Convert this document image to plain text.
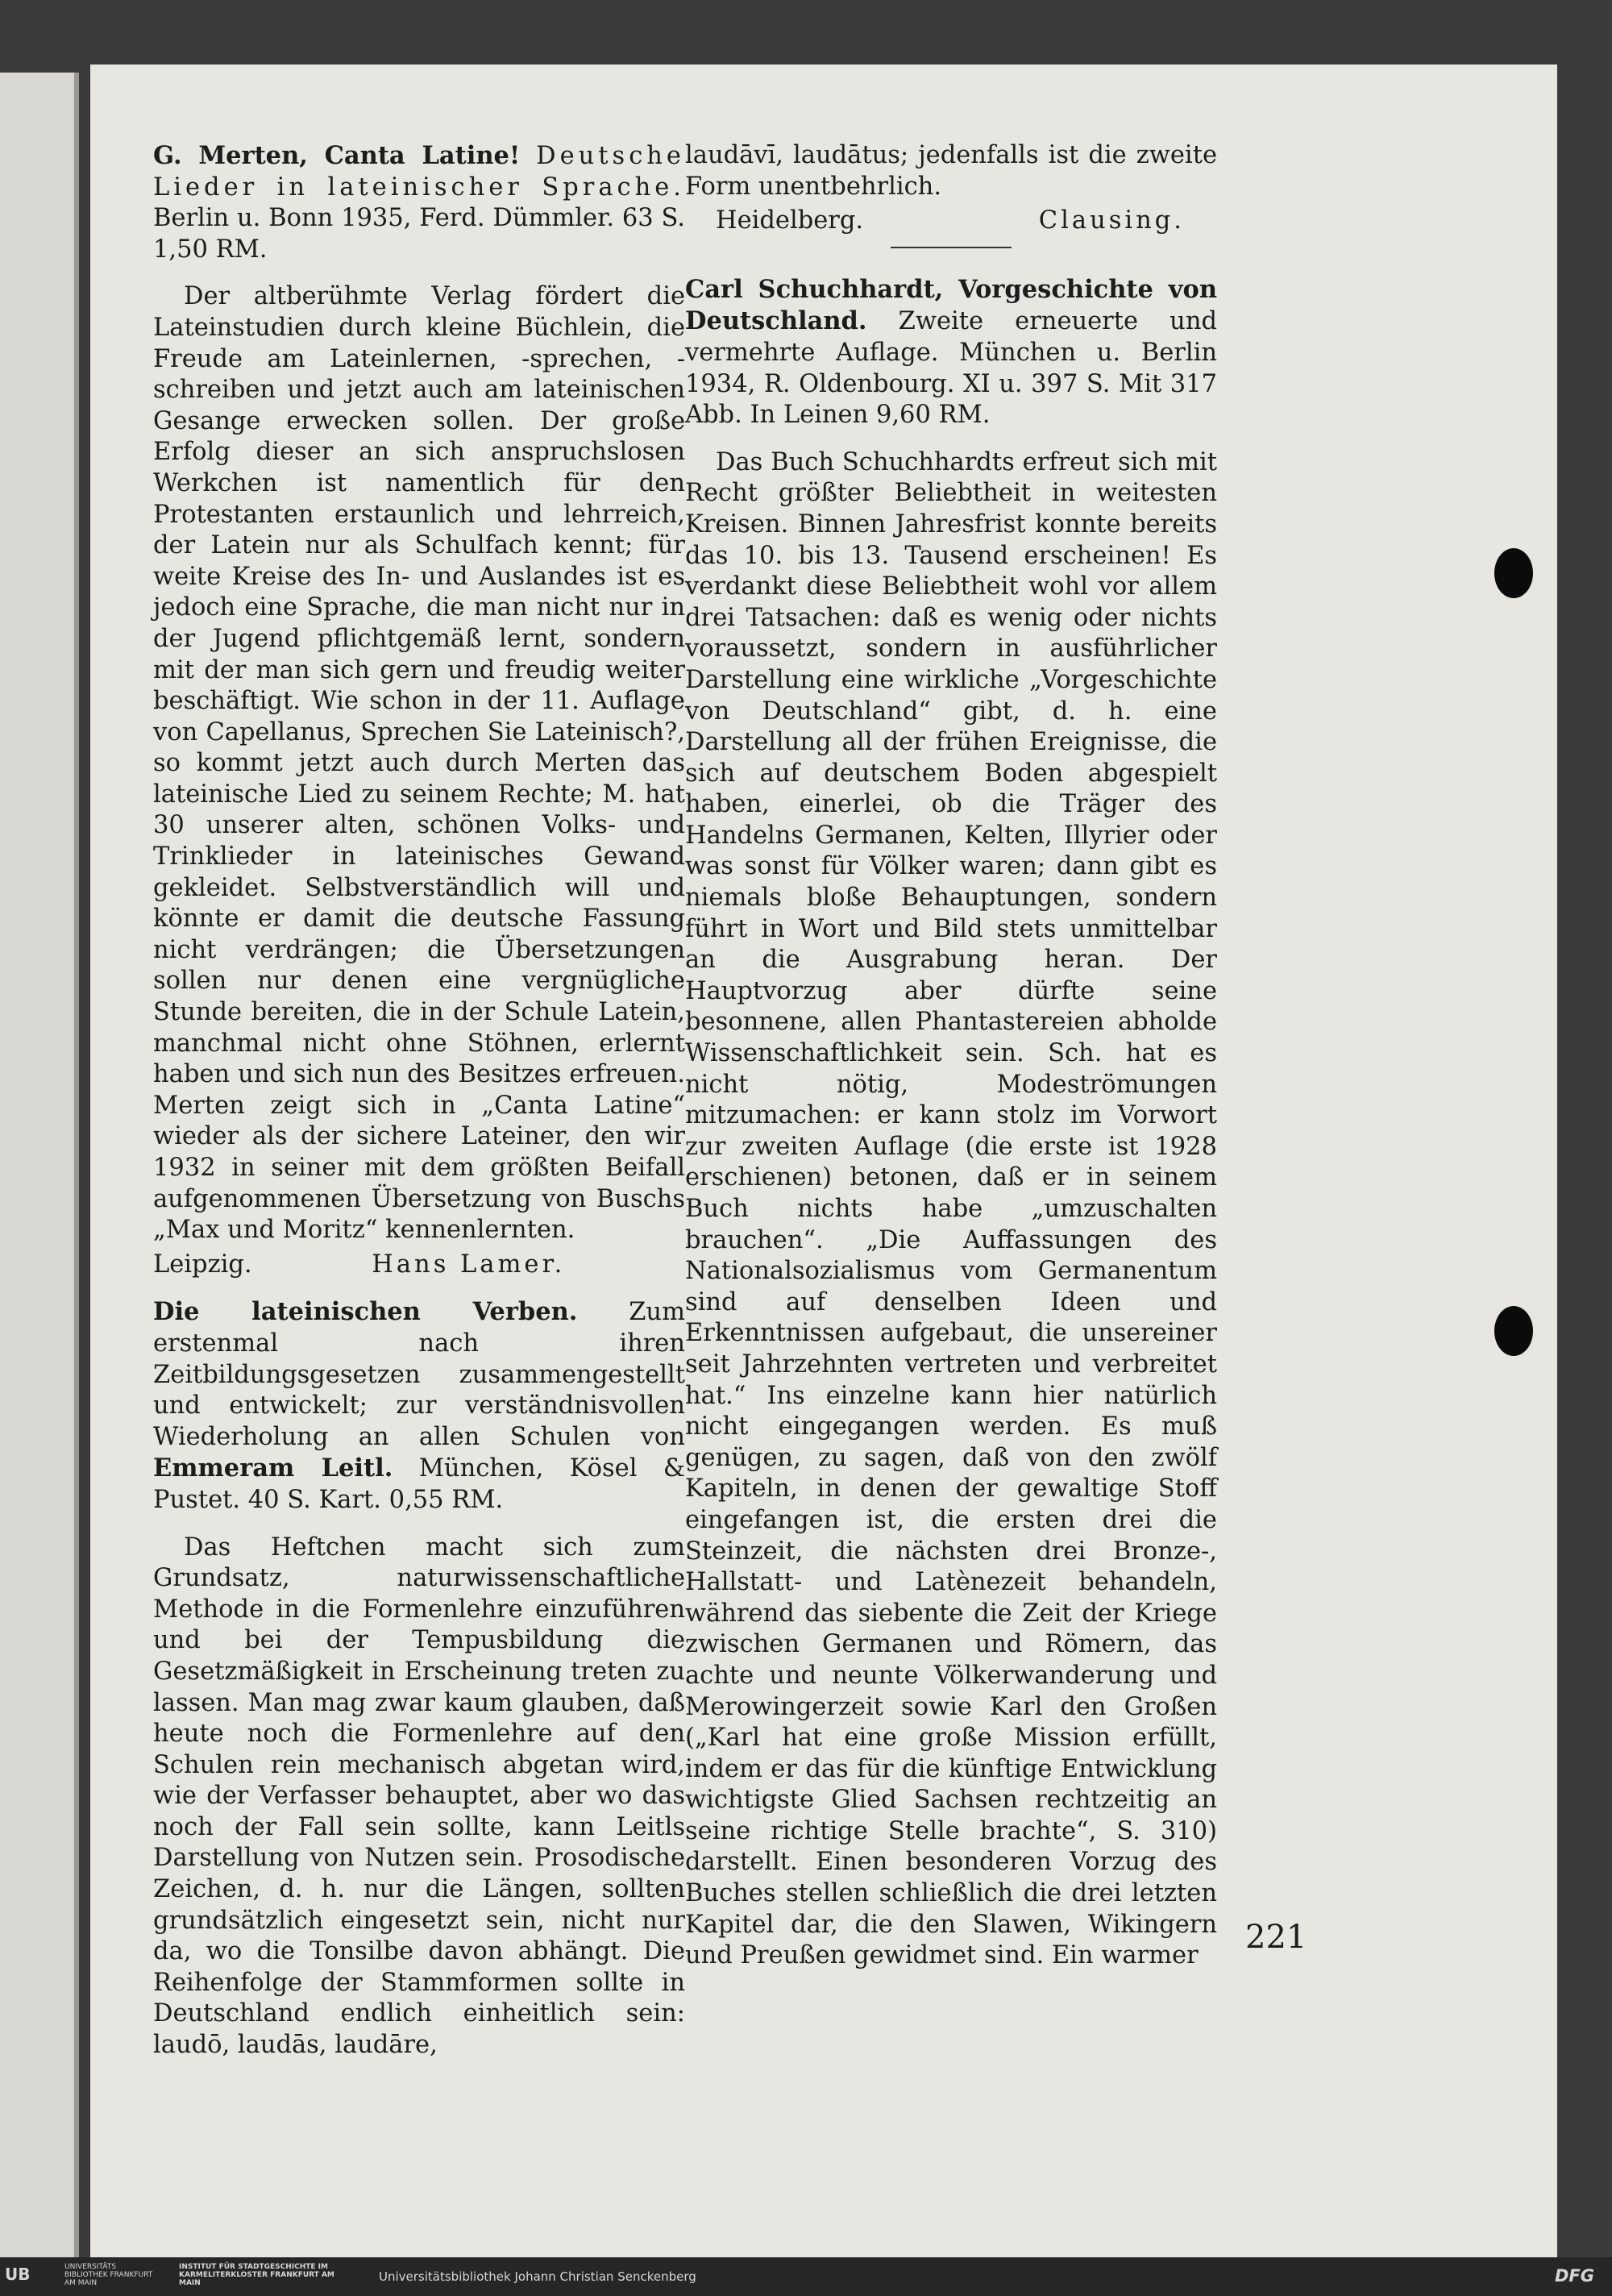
G. Merten, Canta Latine! Deutsche Lieder in lateinischer Sprache. Berlin u. Bonn 1935, Ferd. Dümmler. 63 S. 1,50 RM.

Der altberühmte Verlag fördert die Lateinstudien durch kleine Büchlein, die Freude am Lateinlernen, -sprechen, -schreiben und jetzt auch am lateinischen Gesange erwecken sollen. Der große Erfolg dieser an sich anspruchslosen Werkchen ist namentlich für den Protestanten erstaunlich und lehrreich, der Latein nur als Schulfach kennt; für weite Kreise des In- und Auslandes ist es jedoch eine Sprache, die man nicht nur in der Jugend pflichtgemäß lernt, sondern mit der man sich gern und freudig weiter beschäftigt. Wie schon in der 11. Auflage von Capellanus, Sprechen Sie Lateinisch?, so kommt jetzt auch durch Merten das lateinische Lied zu seinem Rechte; M. hat 30 unserer alten, schönen Volks- und Trinklieder in lateinisches Gewand gekleidet. Selbstverständlich will und könnte er damit die deutsche Fassung nicht verdrängen; die Übersetzungen sollen nur denen eine vergnügliche Stunde bereiten, die in der Schule Latein, manchmal nicht ohne Stöhnen, erlernt haben und sich nun des Besitzes erfreuen. Merten zeigt sich in „Canta Latine“ wieder als der sichere Lateiner, den wir 1932 in seiner mit dem größten Beifall aufgenommenen Übersetzung von Buschs „Max und Moritz“ kennenlernten.

Leipzig.	Hans Lamer.

Die lateinischen Verben. Zum erstenmal nach ihren Zeitbildungsgesetzen zusammengestellt und entwickelt; zur verständnisvollen Wiederholung an allen Schulen von Emmeram Leitl. München, Kösel & Pustet. 40 S. Kart. 0,55 RM.

Das Heftchen macht sich zum Grundsatz, naturwissenschaftliche Methode in die Formenlehre einzuführen und bei der Tempusbildung die Gesetzmäßigkeit in Erscheinung treten zu lassen. Man mag zwar kaum glauben, daß heute noch die Formenlehre auf den Schulen rein mechanisch abgetan wird, wie der Verfasser behauptet, aber wo das noch der Fall sein sollte, kann Leitls Darstellung von Nutzen sein. Prosodische Zeichen, d. h. nur die Längen, sollten grundsätzlich eingesetzt sein, nicht nur da, wo die Tonsilbe davon abhängt. Die Reihenfolge der Stammformen sollte in Deutschland endlich einheitlich sein: laudō, laudās, laudāre,

laudāvī, laudātus; jedenfalls ist die zweite Form unentbehrlich.

Heidelberg.	Clausing.

Carl Schuchhardt, Vorgeschichte von Deutschland. Zweite erneuerte und vermehrte Auflage. München u. Berlin 1934, R. Oldenbourg. XI u. 397 S. Mit 317 Abb. In Leinen 9,60 RM.

Das Buch Schuchhardts erfreut sich mit Recht größter Beliebtheit in weitesten Kreisen. Binnen Jahresfrist konnte bereits das 10. bis 13. Tausend erscheinen! Es verdankt diese Beliebtheit wohl vor allem drei Tatsachen: daß es wenig oder nichts voraussetzt, sondern in ausführlicher Darstellung eine wirkliche „Vorgeschichte von Deutschland“ gibt, d. h. eine Darstellung all der frühen Ereignisse, die sich auf deutschem Boden abgespielt haben, einerlei, ob die Träger des Handelns Germanen, Kelten, Illyrier oder was sonst für Völker waren; dann gibt es niemals bloße Behauptungen, sondern führt in Wort und Bild stets unmittelbar an die Ausgrabung heran. Der Hauptvorzug aber dürfte seine besonnene, allen Phantastereien abholde Wissenschaftlichkeit sein. Sch. hat es nicht nötig, Modeströmungen mitzumachen: er kann stolz im Vorwort zur zweiten Auflage (die erste ist 1928 erschienen) betonen, daß er in seinem Buch nichts habe „umzuschalten brauchen“. „Die Auffassungen des Nationalsozialismus vom Germanentum sind auf denselben Ideen und Erkenntnissen aufgebaut, die unsereiner seit Jahrzehnten vertreten und verbreitet hat.“ Ins einzelne kann hier natürlich nicht eingegangen werden. Es muß genügen, zu sagen, daß von den zwölf Kapiteln, in denen der gewaltige Stoff eingefangen ist, die ersten drei die Steinzeit, die nächsten drei Bronze-, Hallstatt- und Latènezeit behandeln, während das siebente die Zeit der Kriege zwischen Germanen und Römern, das achte und neunte Völkerwanderung und Merowingerzeit sowie Karl den Großen („Karl hat eine große Mission erfüllt, indem er das für die künftige Entwicklung wichtigste Glied Sachsen rechtzeitig an seine richtige Stelle brachte“, S. 310) darstellt. Einen besonderen Vorzug des Buches stellen schließlich die drei letzten Kapitel dar, die den Slawen, Wikingern und Preußen gewidmet sind. Ein warmer	221
UB	UNIVERSITÄTS BIBLIOTHEK FRANKFURT AM MAIN
INSTITUT FÜR STADTGESCHICHTE IM KARMELITERKLOSTER FRANKFURT AM MAIN	Universitätsbibliothek Johann Christian Senckenberg	DFG
